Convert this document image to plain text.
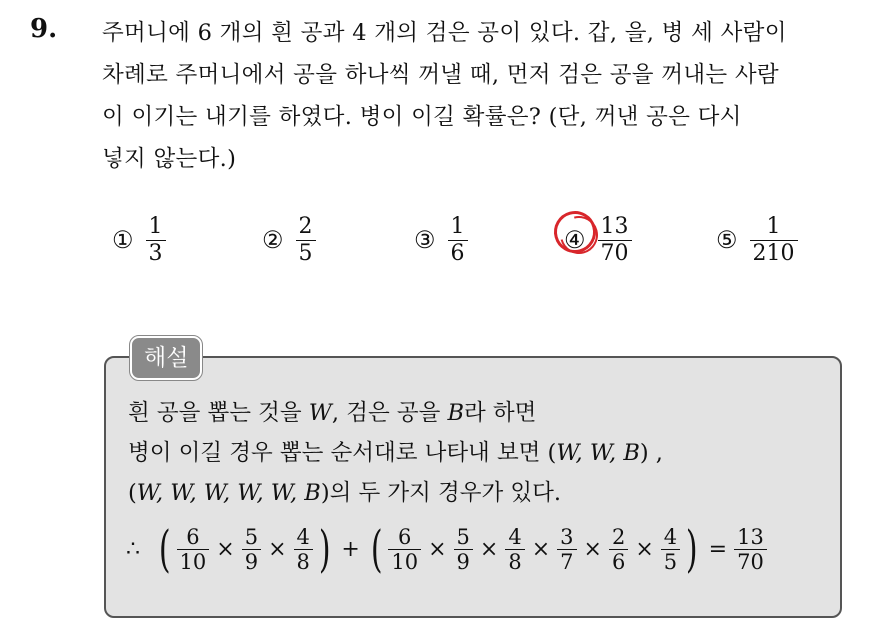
9. 주머니에 6 개의 흰 공과 4 개의 검은 공이 있다. 갑, 을, 병 세 사람이
차례로 주머니에서 공을 하나씩 꺼낼 때, 먼저 검은 공을 꺼내는 사람
이 이기는 내기를 하였다. 병이 이길 확률은? (단, 꺼낸 공은 다시
넣지 않는다.)
① $\frac{1}{3}$	② $\frac{2}{5}$	③ $\frac{1}{6}$	④ $\frac{13}{70}$	⑤ $\frac{1}{210}$
해설
흰 공을 뽑는 것을 W, 검은 공을 B라 하면
병이 이길 경우 뽑는 순서대로 나타내 보면 (W, W, B) ,
(W, W, W, W, W, B)의 두 가지 경우가 있다.
∴ ( $\frac{6}{10} \times \frac{5}{9} \times \frac{4}{8}$ ) + ( $\frac{6}{10} \times \frac{5}{9} \times \frac{4}{8} \times \frac{3}{7} \times \frac{2}{6} \times \frac{4}{5}$ ) = $\frac{13}{70}$
